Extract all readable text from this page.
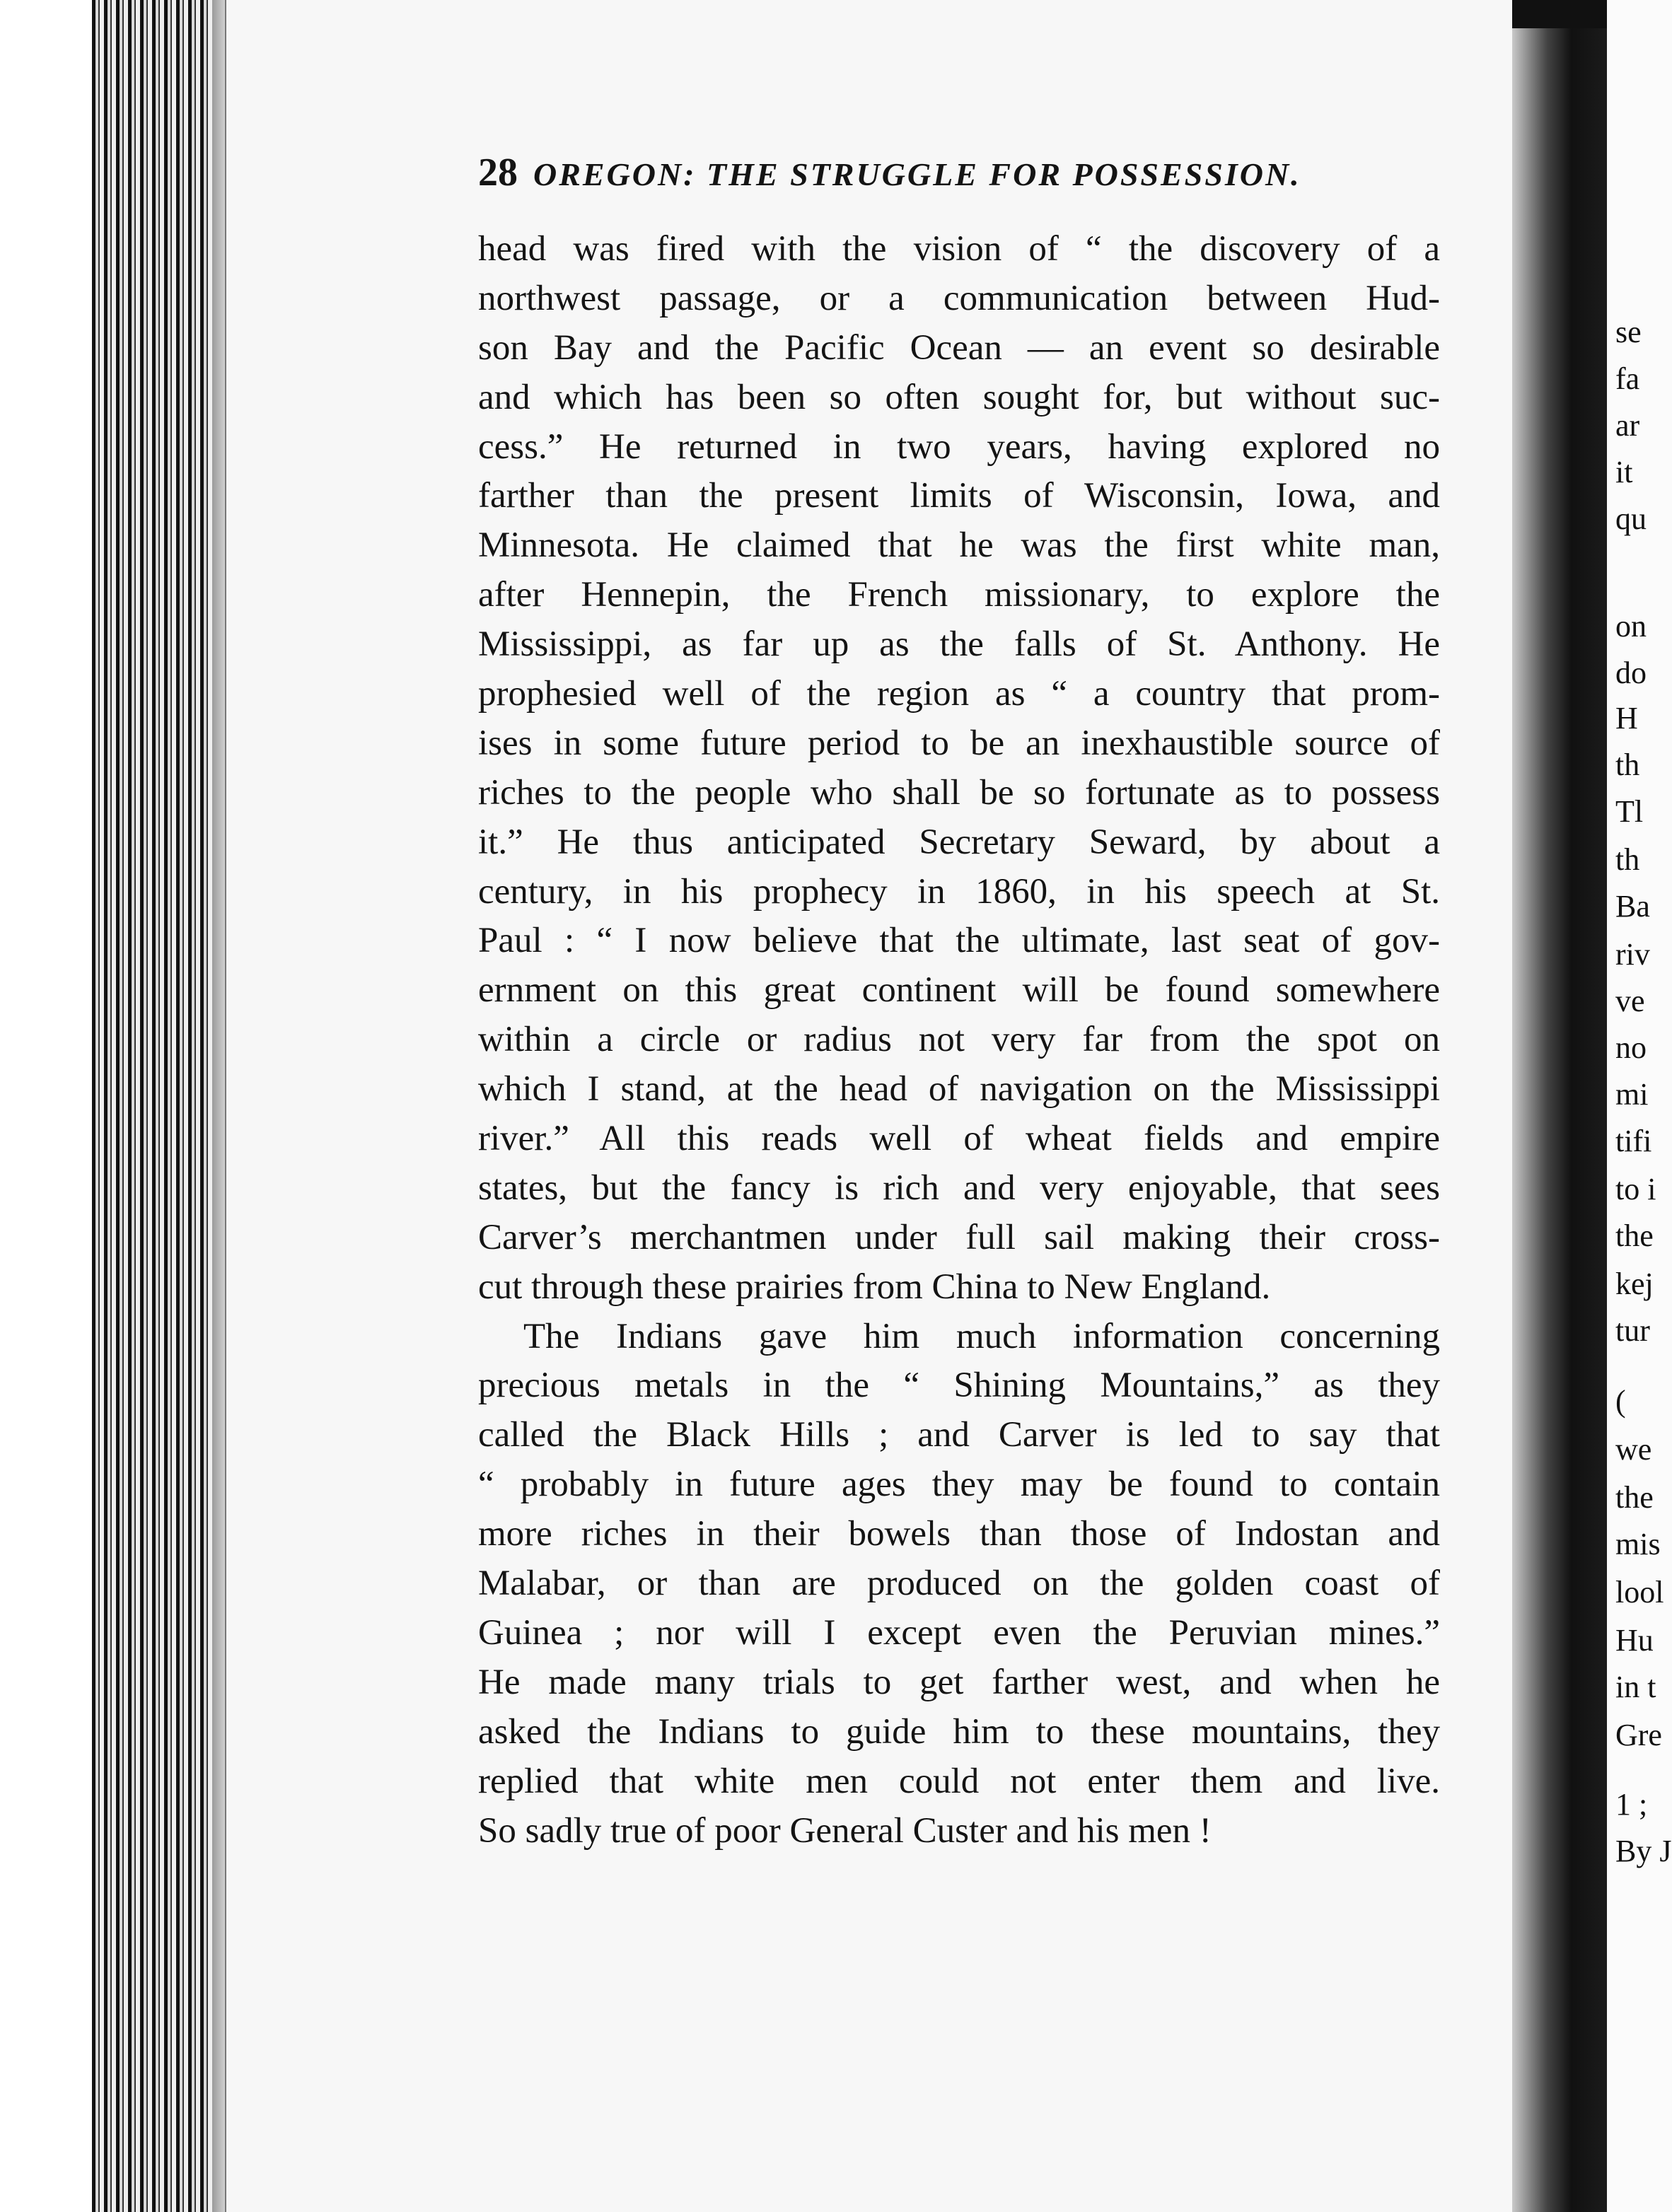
se
fa
ar
it
qu
on
do
H
th
Tl
th
Ba
riv
ve
no
mi
tifi
to i
the
kej
tur
(
we
the
mis
lool
Hu
in t
Gre
1 ;
By J
28 OREGON: THE STRUGGLE FOR POSSESSION.
head was fired with the vision of “ the discovery of a
northwest passage, or a communication between Hud-
son Bay and the Pacific Ocean — an event so desirable
and which has been so often sought for, but without suc-
cess.” He returned in two years, having explored no
farther than the present limits of Wisconsin, Iowa, and
Minnesota. He claimed that he was the first white man,
after Hennepin, the French missionary, to explore the
Mississippi, as far up as the falls of St. Anthony. He
prophesied well of the region as “ a country that prom-
ises in some future period to be an inexhaustible source of
riches to the people who shall be so fortunate as to possess
it.” He thus anticipated Secretary Seward, by about a
century, in his prophecy in 1860, in his speech at St.
Paul : “ I now believe that the ultimate, last seat of gov-
ernment on this great continent will be found somewhere
within a circle or radius not very far from the spot on
which I stand, at the head of navigation on the Mississippi
river.” All this reads well of wheat fields and empire
states, but the fancy is rich and very enjoyable, that sees
Carver’s merchantmen under full sail making their cross-
cut through these prairies from China to New England.
The Indians gave him much information concerning
precious metals in the “ Shining Mountains,” as they
called the Black Hills ; and Carver is led to say that
“ probably in future ages they may be found to contain
more riches in their bowels than those of Indostan and
Malabar, or than are produced on the golden coast of
Guinea ; nor will I except even the Peruvian mines.”
He made many trials to get farther west, and when he
asked the Indians to guide him to these mountains, they
replied that white men could not enter them and live.
So sadly true of poor General Custer and his men !
